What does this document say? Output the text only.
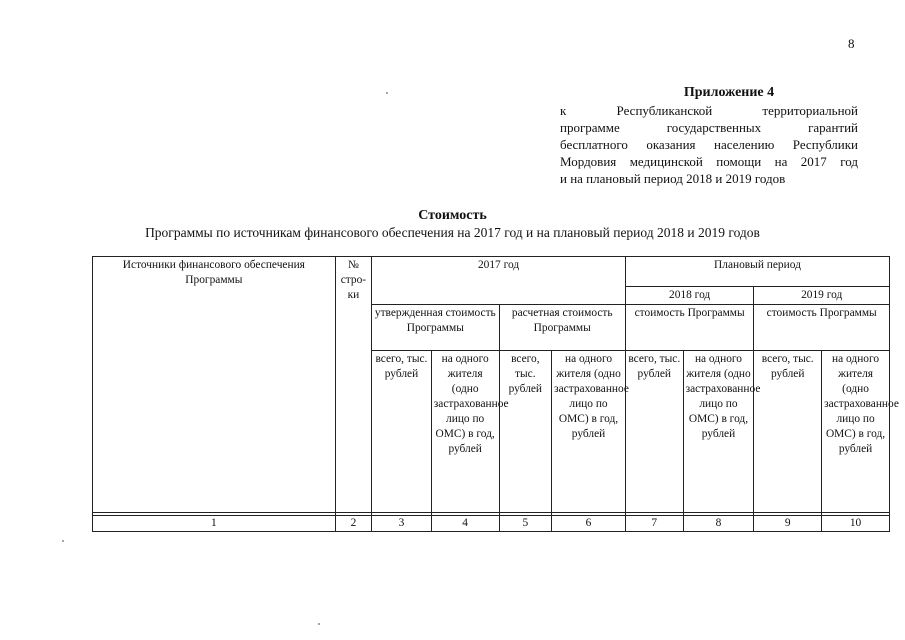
8
Приложение 4
к Республиканской территориальной
программе государственных гарантий
бесплатного оказания населению Республики
Мордовия медицинской помощи на 2017 год
и на плановый период 2018 и 2019 годов
Стоимость
Программы по источникам финансового обеспечения на 2017 год и на плановый период 2018 и 2019 годов
Источники финансового обеспечения Программы	№ стро-ки	2017 год				Плановый период			

						2018 год		2019 год	

		утвержденная стоимость Программы		расчетная стоимость Программы		стоимость Программы		стоимость Программы	

		всего, тыс. рублей	на одного жителя (одно застрахованное лицо по ОМС) в год, рублей	всего, тыс. рублей	на одного жителя (одно застрахованное лицо по ОМС) в год, рублей	всего, тыс. рублей	на одного жителя (одно застрахованное лицо по ОМС) в год, рублей	всего, тыс. рублей	на одного жителя (одно застрахованное лицо по ОМС) в год, рублей

1	2	3	4	5	6	7	8	9	10
